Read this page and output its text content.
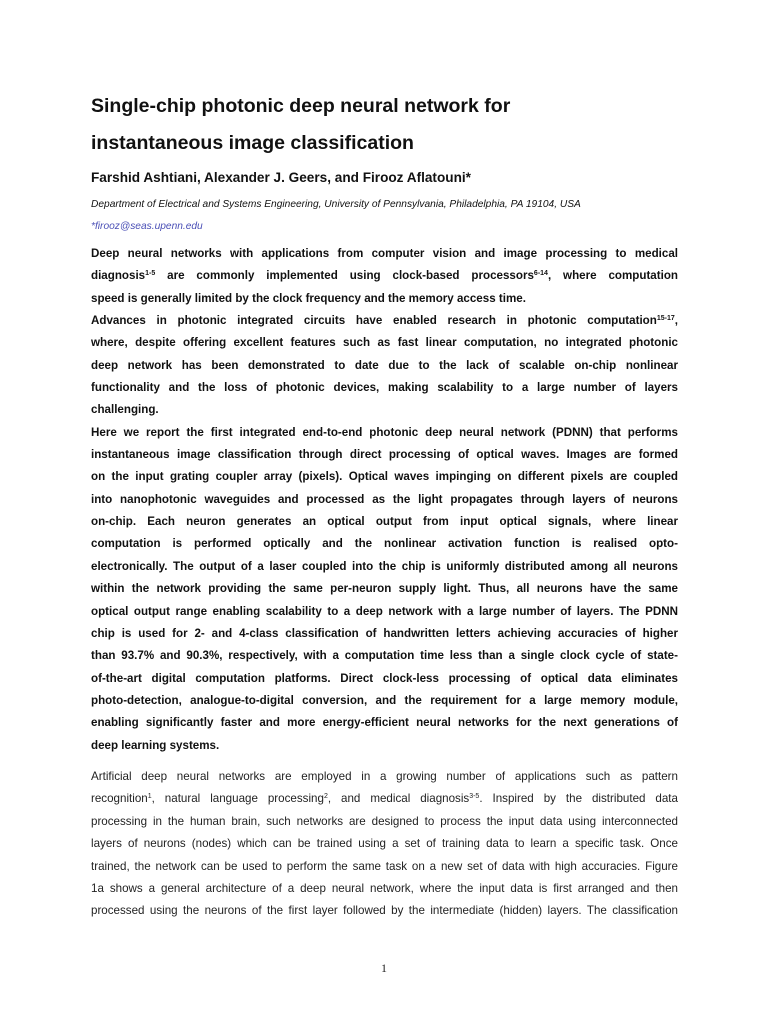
Single-chip photonic deep neural network for
instantaneous image classification

Farshid Ashtiani, Alexander J. Geers, and Firooz Aflatouni*

Department of Electrical and Systems Engineering, University of Pennsylvania, Philadelphia, PA 19104, USA

*firooz@seas.upenn.edu

Deep neural networks with applications from computer vision and image processing to medical
diagnosis$^{1-5}$ are commonly implemented using clock-based processors$^{6-14}$, where computation
speed is generally limited by the clock frequency and the memory access time.
Advances in photonic integrated circuits have enabled research in photonic computation$^{15-17}$,
where, despite offering excellent features such as fast linear computation, no integrated photonic
deep network has been demonstrated to date due to the lack of scalable on-chip nonlinear
functionality and the loss of photonic devices, making scalability to a large number of layers
challenging.
Here we report the first integrated end-to-end photonic deep neural network (PDNN) that performs
instantaneous image classification through direct processing of optical waves. Images are formed
on the input grating coupler array (pixels). Optical waves impinging on different pixels are coupled
into nanophotonic waveguides and processed as the light propagates through layers of neurons
on-chip. Each neuron generates an optical output from input optical signals, where linear
computation is performed optically and the nonlinear activation function is realised opto-
electronically. The output of a laser coupled into the chip is uniformly distributed among all neurons
within the network providing the same per-neuron supply light. Thus, all neurons have the same
optical output range enabling scalability to a deep network with a large number of layers. The PDNN
chip is used for 2- and 4-class classification of handwritten letters achieving accuracies of higher
than 93.7% and 90.3%, respectively, with a computation time less than a single clock cycle of state-
of-the-art digital computation platforms. Direct clock-less processing of optical data eliminates
photo-detection, analogue-to-digital conversion, and the requirement for a large memory module,
enabling significantly faster and more energy-efficient neural networks for the next generations of
deep learning systems.
Artificial deep neural networks are employed in a growing number of applications such as pattern
recognition$^1$, natural language processing$^2$, and medical diagnosis$^{3-5}$. Inspired by the distributed data
processing in the human brain, such networks are designed to process the input data using interconnected
layers of neurons (nodes) which can be trained using a set of training data to learn a specific task. Once
trained, the network can be used to perform the same task on a new set of data with high accuracies. Figure
1a shows a general architecture of a deep neural network, where the input data is first arranged and then
processed using the neurons of the first layer followed by the intermediate (hidden) layers. The classification

1
